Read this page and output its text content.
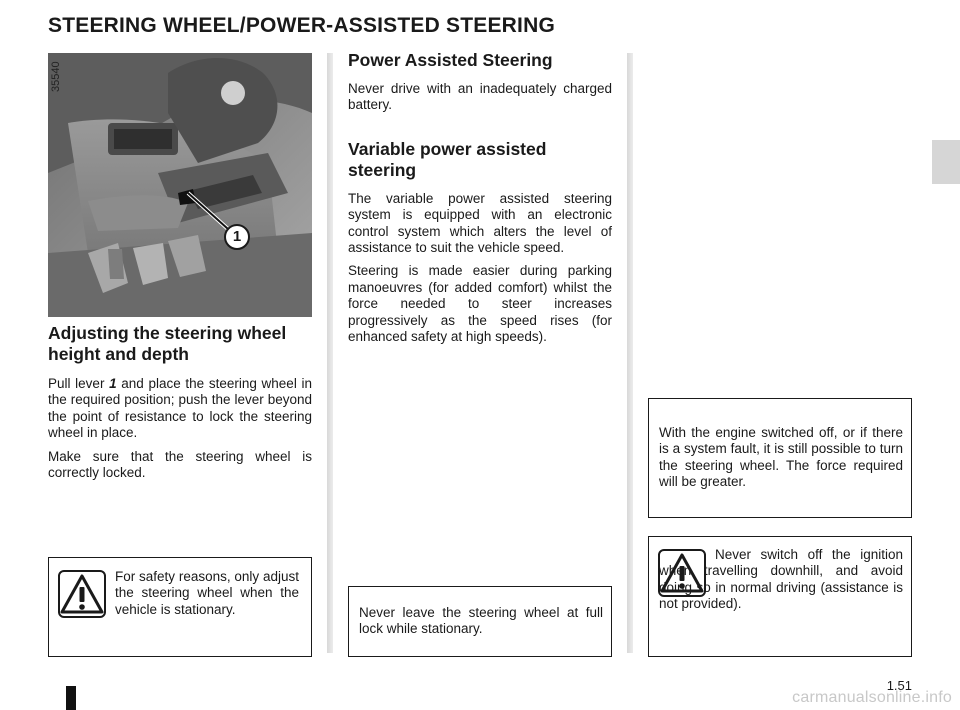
STEERING WHEEL/POWER-ASSISTED STEERING
35540
1
Adjusting the steering wheel height and depth

Pull lever 1 and place the steering wheel in the required position; push the lever beyond the point of resistance to lock the steering wheel in place.

Make sure that the steering wheel is correctly locked.

For safety reasons, only adjust the steering wheel when the vehicle is stationary.

Power Assisted Steering

Never drive with an inadequately charged battery.

Variable power assisted steering

The variable power assisted steering system is equipped with an electronic control system which alters the level of assistance to suit the vehicle speed.

Steering is made easier during parking manoeuvres (for added comfort) whilst the force needed to steer increases progressively as the speed rises (for enhanced safety at high speeds).

Never leave the steering wheel at full lock while stationary.

With the engine switched off, or if there is a system fault, it is still possible to turn the steering wheel. The force required will be greater.

Never switch off the ignition when travelling downhill, and avoid doing so in normal driving (assistance is not provided).

1.51
carmanualsonline.info
